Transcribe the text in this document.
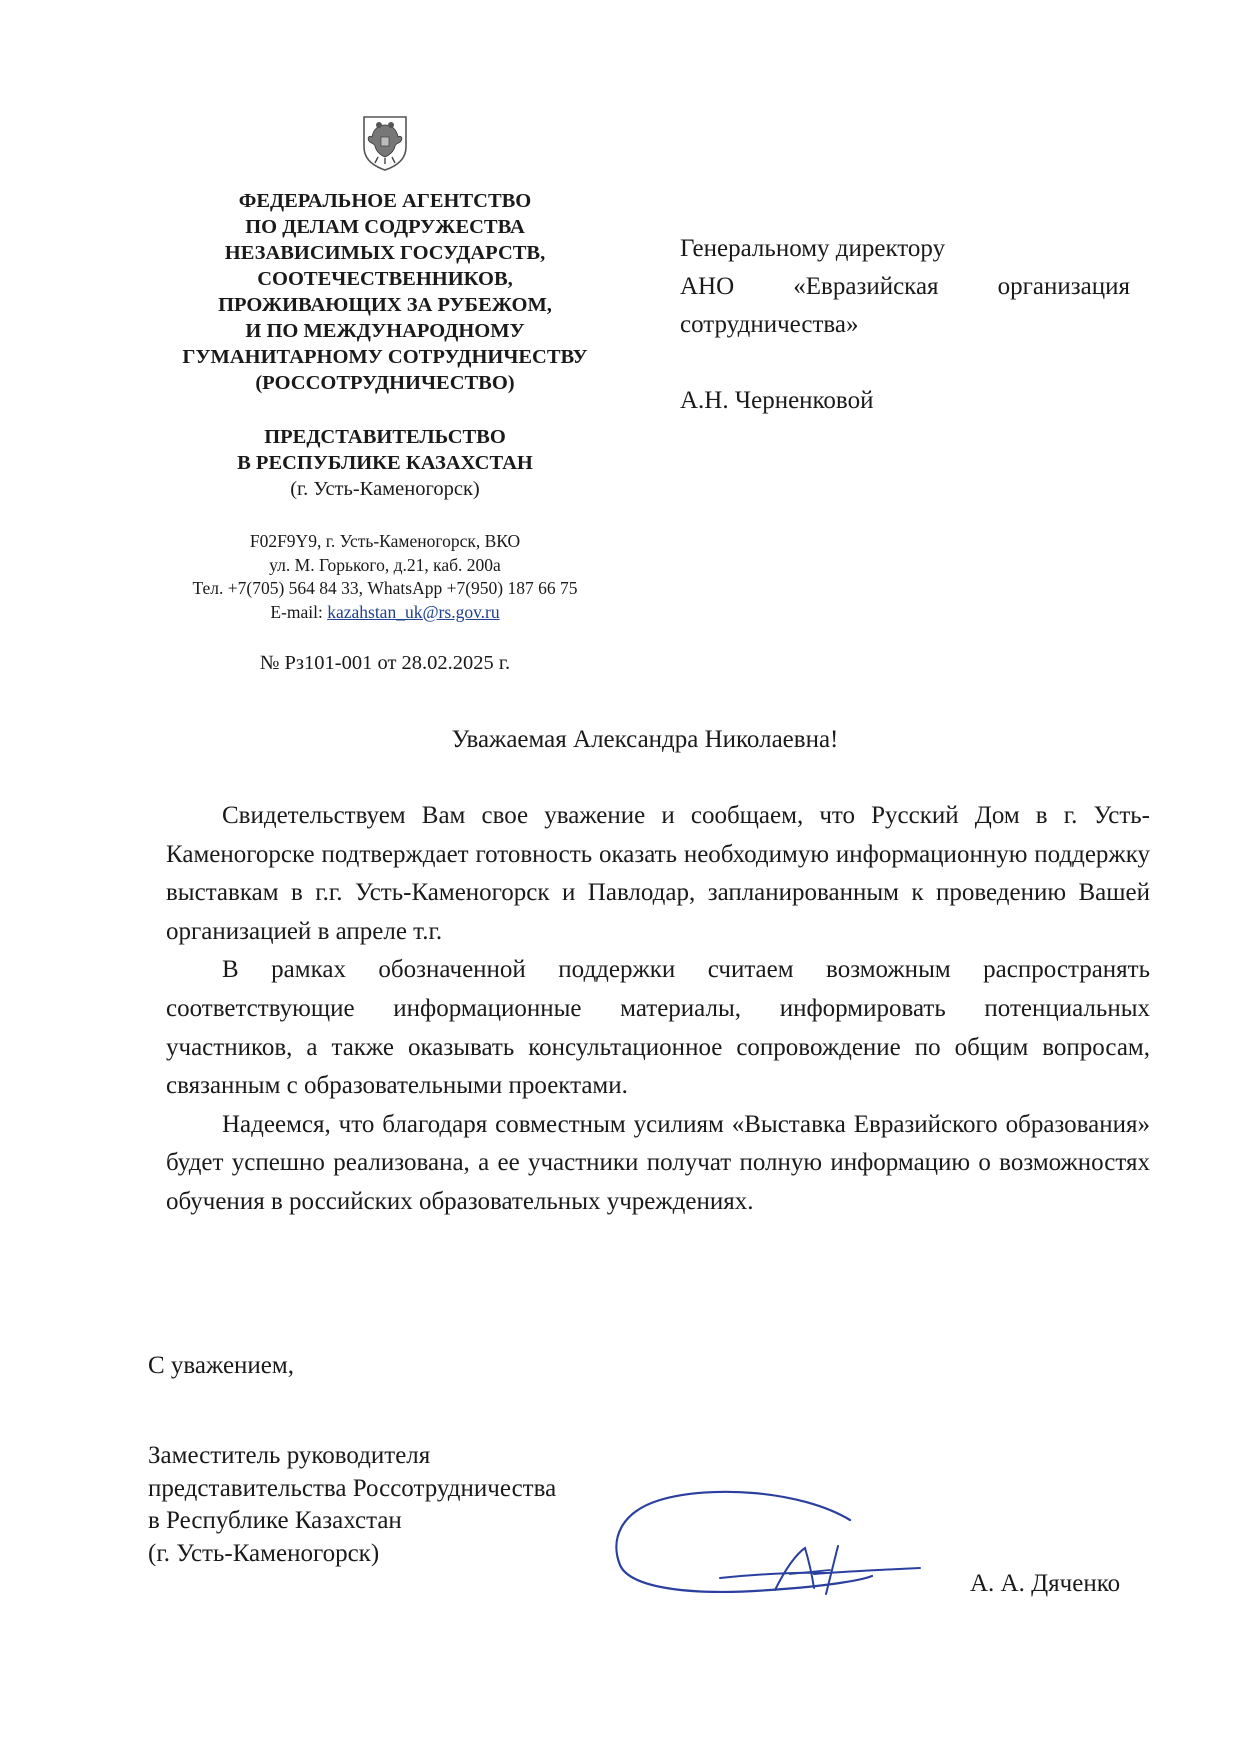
ФЕДЕРАЛЬНОЕ АГЕНТСТВО
ПО ДЕЛАМ СОДРУЖЕСТВА
НЕЗАВИСИМЫХ ГОСУДАРСТВ,
СООТЕЧЕСТВЕННИКОВ,
ПРОЖИВАЮЩИХ ЗА РУБЕЖОМ,
И ПО МЕЖДУНАРОДНОМУ
ГУМАНИТАРНОМУ СОТРУДНИЧЕСТВУ
(РОССОТРУДНИЧЕСТВО)
ПРЕДСТАВИТЕЛЬСТВО
В РЕСПУБЛИКЕ КАЗАХСТАН
(г. Усть-Каменогорск)
F02F9Y9, г. Усть-Каменогорск, ВКО
ул. М. Горького, д.21, каб. 200а
Тел. +7(705) 564 84 33, WhatsApp +7(950) 187 66 75
E-mail: kazahstan_uk@rs.gov.ru
№ Рз101-001 от 28.02.2025 г.
Генеральному директору
АНО «Евразийская организация
сотрудничества»
А.Н. Черненковой
Уважаемая Александра Николаевна!

Свидетельствуем Вам свое уважение и сообщаем, что Русский Дом в г. Усть-Каменогорске подтверждает готовность оказать необходимую информационную поддержку выставкам в г.г. Усть-Каменогорск и Павлодар, запланированным к проведению Вашей организацией в апреле т.г.

В рамках обозначенной поддержки считаем возможным распространять соответствующие информационные материалы, информировать потенциальных участников, а также оказывать консультационное сопровождение по общим вопросам, связанным с образовательными проектами.

Надеемся, что благодаря совместным усилиям «Выставка Евразийского образования» будет успешно реализована, а ее участники получат полную информацию о возможностях обучения в российских образовательных учреждениях.

С уважением,
Заместитель руководителя
представительства Россотрудничества
в Республике Казахстан
(г. Усть-Каменогорск)
А. А. Дяченко
